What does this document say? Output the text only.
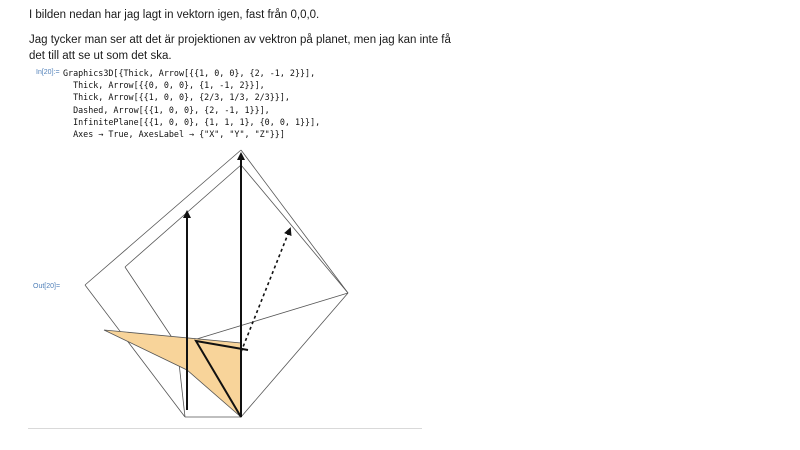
I bilden nedan har jag lagt in vektorn igen, fast från 0,0,0.

Jag tycker man ser att det är projektionen av vektron på planet, men jag kan inte få det till att se ut som det ska.

In[20]:= Graphics3D[{Thick, Arrow[{{1, 0, 0}, {2, -1, 2}}],
Thick, Arrow[{{0, 0, 0}, {1, -1, 2}}],
Thick, Arrow[{{1, 0, 0}, {2/3, 1/3, 2/3}}],
Dashed, Arrow[{{1, 0, 0}, {2, -1, 1}}],
InfinitePlane[{{1, 0, 0}, {1, 1, 1}, {0, 0, 1}}],
Axes → True, AxesLabel → {"X", "Y", "Z"}}]
Out[20]=
